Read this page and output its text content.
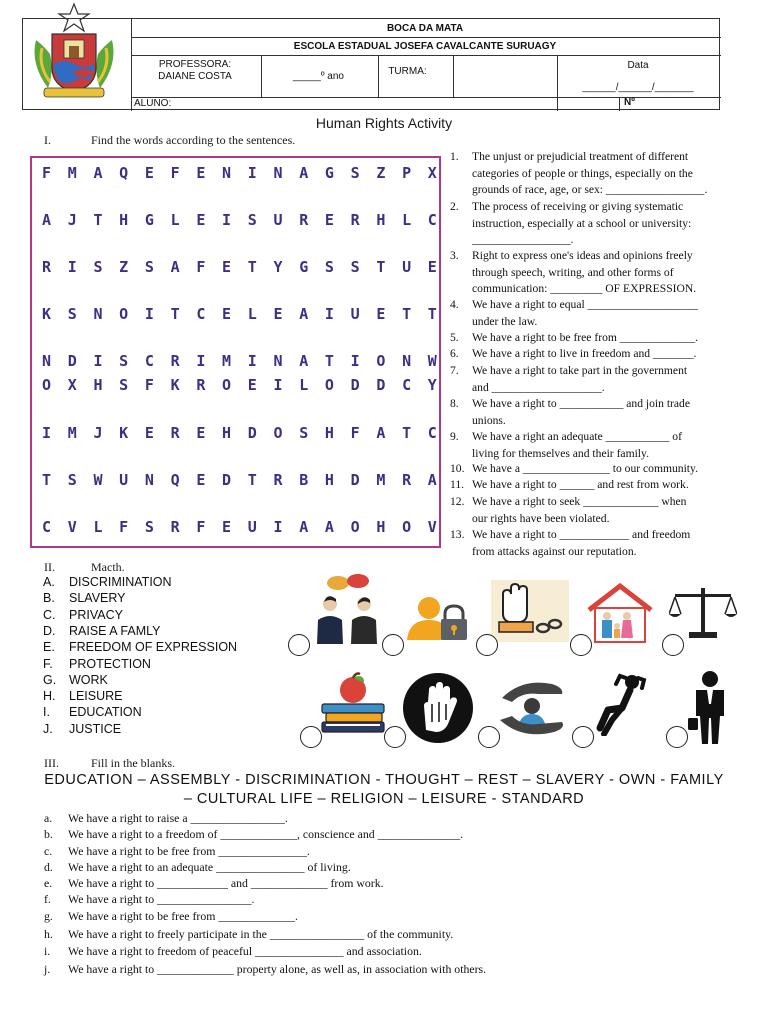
BOCA DA MATA
ESCOLA ESTADUAL JOSEFA CAVALCANTE SURUAGY
PROFESSORA:
DAIANE COSTA	_____º ano	TURMA:
Data
______/______/_______
ALUNO:	Nº
Human Rights Activity
I.	Find the words according to the sentences.
F M A Q E F E N I N A G S Z P X
A J T H G L E I S U R E R H L C
R I S Z S A F E T Y G S S T U E
K S N O I T C E L E A I U E T T
N D I S C R I M I N A T I O N W
O X H S F K R O E I L O D D C Y
I M J K E R E H D O S H F A T C
T S W U N Q E D T R B H D M R A
C V L F S R F E U I A A O H O V
1. The unjust or prejudicial treatment of different
categories of people or things, especially on the
grounds of race, age, or sex: _________________.
2. The process of receiving or giving systematic
instruction, especially at a school or university:
_________________.
3. Right to express one's ideas and opinions freely
through speech, writing, and other forms of
communication: _________ OF EXPRESSION.
4. We have a right to equal ___________________
under the law.
5. We have a right to be free from _____________.
6. We have a right to live in freedom and _______.
7. We have a right to take part in the government
and ___________________.
8. We have a right to ___________ and join trade
unions.
9. We have a right an adequate ___________ of
living for themselves and their family.
10. We have a _______________ to our community.
11. We have a right to ______ and rest from work.
12. We have a right to seek _____________ when
our rights have been violated.
13. We have a right to ____________ and freedom
from attacks against our reputation.
II.	Macth.
A. DISCRIMINATION
B. SLAVERY
C. PRIVACY
D. RAISE A FAMLY
E. FREEDOM OF EXPRESSION
F. PROTECTION
G. WORK
H. LEISURE
I. EDUCATION
J. JUSTICE
III.	Fill in the blanks.
EDUCATION – ASSEMBLY - DISCRIMINATION - THOUGHT – REST – SLAVERY - OWN - FAMILY
– CULTURAL LIFE – RELIGION – LEISURE - STANDARD
a. We have a right to raise a ________________.
b. We have a right to a freedom of _____________, conscience and ______________.
c. We have a right to be free from _______________.
d. We have a right to an adequate _______________ of living.
e. We have a right to ____________ and _____________ from work.
f. We have a right to ________________.
g. We have a right to be free from _____________.
h. We have a right to freely participate in the ________________ of the community.
i. We have a right to freedom of peaceful _______________ and association.
j. We have a right to _____________ property alone, as well as, in association with others.
